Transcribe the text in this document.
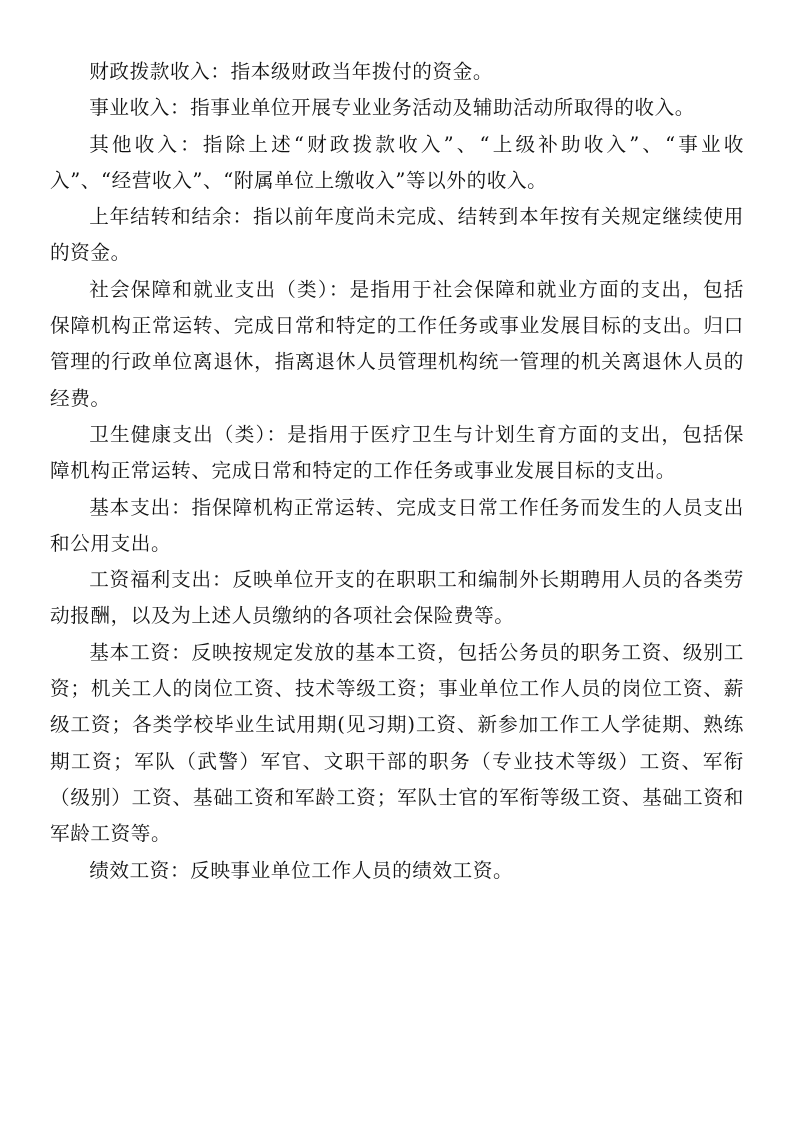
财政拨款收入：指本级财政当年拨付的资金。

事业收入：指事业单位开展专业业务活动及辅助活动所取得的收入。

其他收入：指除上述“财政拨款收入”、“上级补助收入”、“事业收入”、“经营收入”、“附属单位上缴收入”等以外的收入。

上年结转和结余：指以前年度尚未完成、结转到本年按有关规定继续使用的资金。

社会保障和就业支出（类）：是指用于社会保障和就业方面的支出，包括保障机构正常运转、完成日常和特定的工作任务或事业发展目标的支出。归口管理的行政单位离退休，指离退休人员管理机构统一管理的机关离退休人员的经费。

卫生健康支出（类）：是指用于医疗卫生与计划生育方面的支出，包括保障机构正常运转、完成日常和特定的工作任务或事业发展目标的支出。

基本支出：指保障机构正常运转、完成支日常工作任务而发生的人员支出和公用支出。

工资福利支出：反映单位开支的在职职工和编制外长期聘用人员的各类劳动报酬，以及为上述人员缴纳的各项社会保险费等。

基本工资：反映按规定发放的基本工资，包括公务员的职务工资、级别工资；机关工人的岗位工资、技术等级工资；事业单位工作人员的岗位工资、薪级工资；各类学校毕业生试用期(见习期)工资、新参加工作工人学徒期、熟练期工资；军队（武警）军官、文职干部的职务（专业技术等级）工资、军衔（级别）工资、基础工资和军龄工资；军队士官的军衔等级工资、基础工资和军龄工资等。

绩效工资：反映事业单位工作人员的绩效工资。
